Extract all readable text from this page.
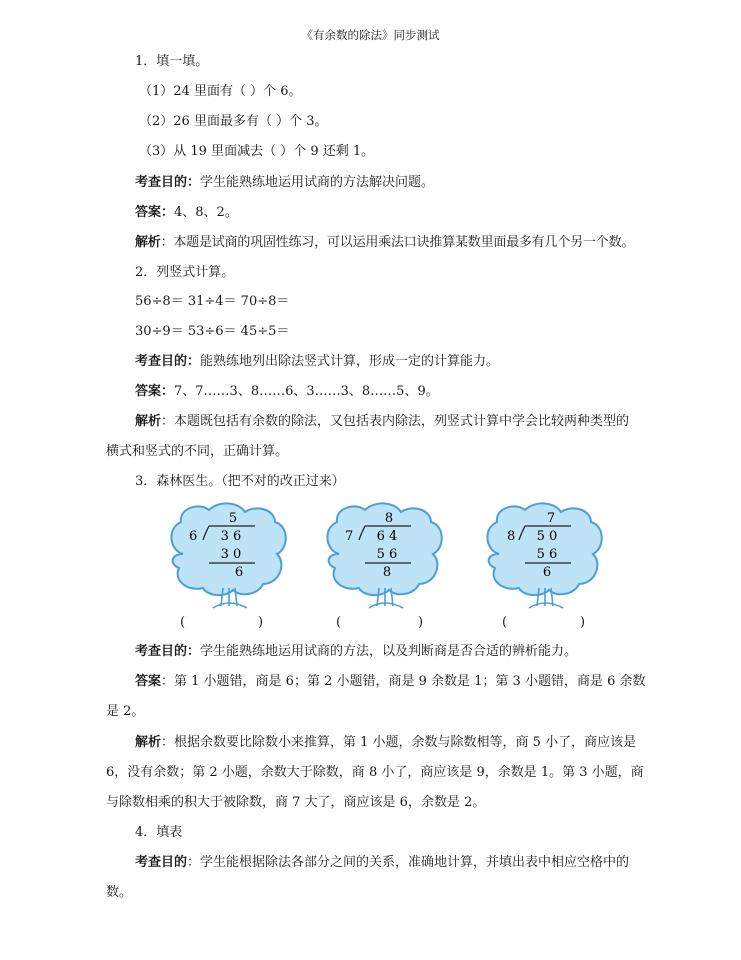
《有余数的除法》同步测试
1．填一填。
（1）24 里面有（ ）个 6。
（2）26 里面最多有（ ）个 3。
（3）从 19 里面减去（ ）个 9 还剩 1。
考查目的：学生能熟练地运用试商的方法解决问题。
答案：4、8、2。
解析：本题是试商的巩固性练习，可以运用乘法口诀推算某数里面最多有几个另一个数。
2．列竖式计算。
56÷8＝ 31÷4＝ 70÷8＝
30÷9＝ 53÷6＝ 45÷5＝
考查目的：能熟练地列出除法竖式计算，形成一定的计算能力。
答案：7、7……3、8……6、3……3、8……5、9。
解析：本题既包括有余数的除法，又包括表内除法，列竖式计算中学会比较两种类型的
横式和竖式的不同，正确计算。
3．森林医生。（把不对的改正过来）
5
6 3 6
3 0
6
8
7 6 4
5 6
8
7
8 5 0
5 6
6
(	)	(	)	(	)
考查目的：学生能熟练地运用试商的方法，以及判断商是否合适的辨析能力。
答案：第 1 小题错，商是 6；第 2 小题错，商是 9 余数是 1；第 3 小题错，商是 6 余数
是 2。
解析：根据余数要比除数小来推算，第 1 小题，余数与除数相等，商 5 小了，商应该是
6，没有余数；第 2 小题，余数大于除数，商 8 小了，商应该是 9，余数是 1。第 3 小题，商
与除数相乘的积大于被除数，商 7 大了，商应该是 6，余数是 2。
4．填表
考查目的：学生能根据除法各部分之间的关系，准确地计算，并填出表中相应空格中的
数。
